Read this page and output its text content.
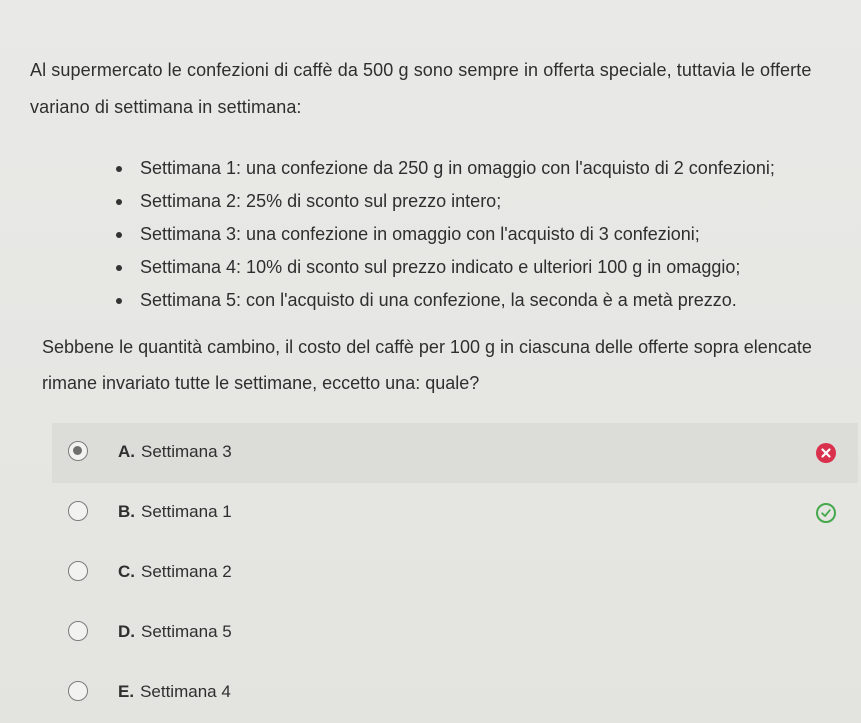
Al supermercato le confezioni di caffè da 500 g sono sempre in offerta speciale, tuttavia le offerte variano di settimana in settimana:
Settimana 1: una confezione da 250 g in omaggio con l'acquisto di 2 confezioni;
Settimana 2: 25% di sconto sul prezzo intero;
Settimana 3: una confezione in omaggio con l'acquisto di 3 confezioni;
Settimana 4: 10% di sconto sul prezzo indicato e ulteriori 100 g in omaggio;
Settimana 5: con l'acquisto di una confezione, la seconda è a metà prezzo.
Sebbene le quantità cambino, il costo del caffè per 100 g in ciascuna delle offerte sopra elencate rimane invariato tutte le settimane, eccetto una: quale?
A. Settimana 3
B. Settimana 1
C. Settimana 2
D. Settimana 5
E. Settimana 4
